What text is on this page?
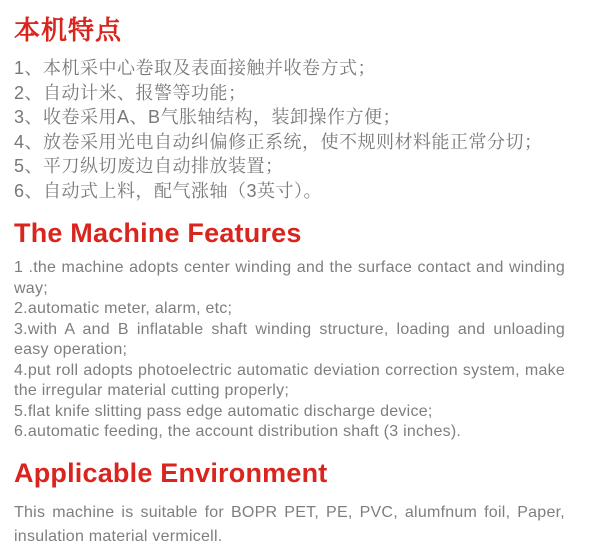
本机特点

1、本机采中心卷取及表面接触并收卷方式；

2、自动计米、报警等功能；

3、收卷采用A、B气胀轴结构，装卸操作方便；

4、放卷采用光电自动纠偏修正系统，使不规则材料能正常分切；

5、平刀纵切废边自动排放装置；

6、自动式上料，配气涨轴（3英寸）。

The Machine Features

1 .the machine adopts center winding and the surface contact and winding way;

2.automatic meter, alarm, etc;

3.with A and B inflatable shaft winding structure, loading and unloading easy operation;

4.put roll adopts photoelectric automatic deviation correction system, make the irregular material cutting properly;

5.flat knife slitting pass edge automatic discharge device;

6.automatic feeding, the account distribution shaft (3 inches).

Applicable Environment

This machine is suitable for BOPR PET, PE, PVC, alumfnum foil, Paper, insulation material vermicell.
